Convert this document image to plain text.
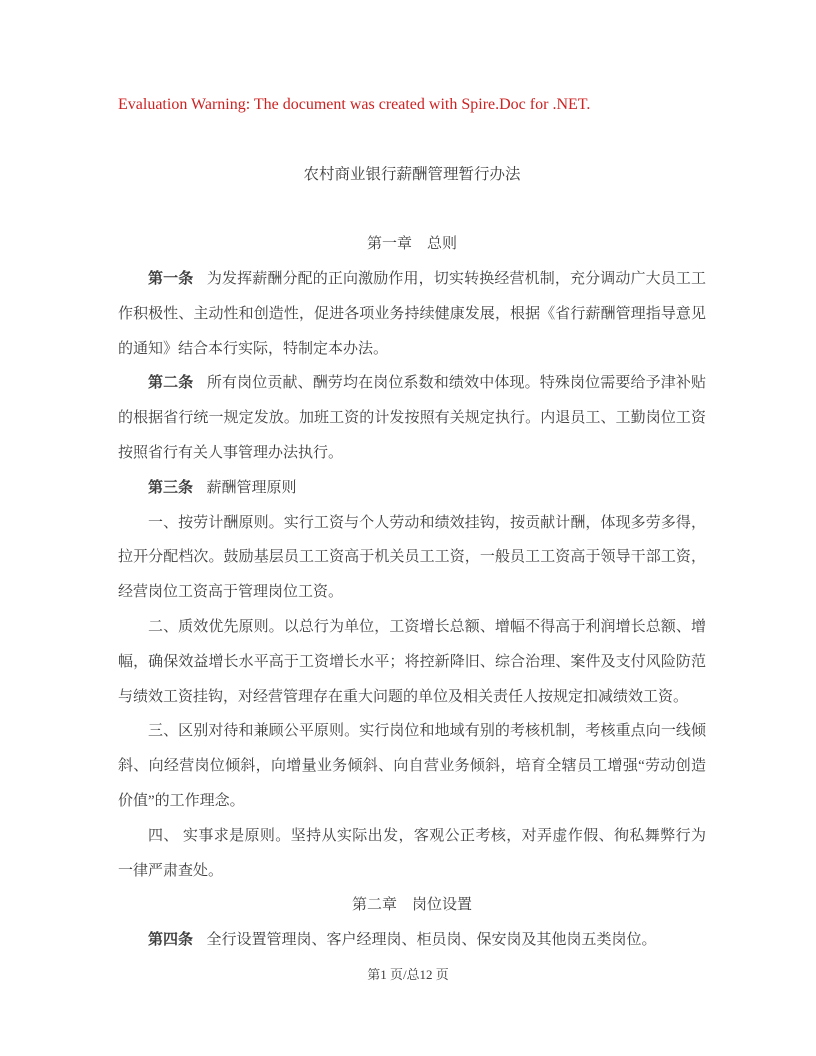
Evaluation Warning: The document was created with Spire.Doc for .NET.

农村商业银行薪酬管理暂行办法

第一章　总则

第一条 为发挥薪酬分配的正向激励作用，切实转换经营机制，充分调动广大员工工作积极性、主动性和创造性，促进各项业务持续健康发展，根据《省行薪酬管理指导意见的通知》结合本行实际，特制定本办法。

第二条 所有岗位贡献、酬劳均在岗位系数和绩效中体现。特殊岗位需要给予津补贴的根据省行统一规定发放。加班工资的计发按照有关规定执行。内退员工、工勤岗位工资按照省行有关人事管理办法执行。

第三条 薪酬管理原则

一、按劳计酬原则。实行工资与个人劳动和绩效挂钩，按贡献计酬，体现多劳多得，拉开分配档次。鼓励基层员工工资高于机关员工工资，一般员工工资高于领导干部工资，经营岗位工资高于管理岗位工资。

二、质效优先原则。以总行为单位，工资增长总额、增幅不得高于利润增长总额、增幅，确保效益增长水平高于工资增长水平；将控新降旧、综合治理、案件及支付风险防范与绩效工资挂钩，对经营管理存在重大问题的单位及相关责任人按规定扣减绩效工资。

三、区别对待和兼顾公平原则。实行岗位和地域有别的考核机制，考核重点向一线倾斜、向经营岗位倾斜，向增量业务倾斜、向自营业务倾斜，培育全辖员工增强“劳动创造价值”的工作理念。

四、 实事求是原则。坚持从实际出发，客观公正考核，对弄虚作假、徇私舞弊行为一律严肃查处。

第二章　岗位设置

第四条 全行设置管理岗、客户经理岗、柜员岗、保安岗及其他岗五类岗位。

第1 页/总12 页
